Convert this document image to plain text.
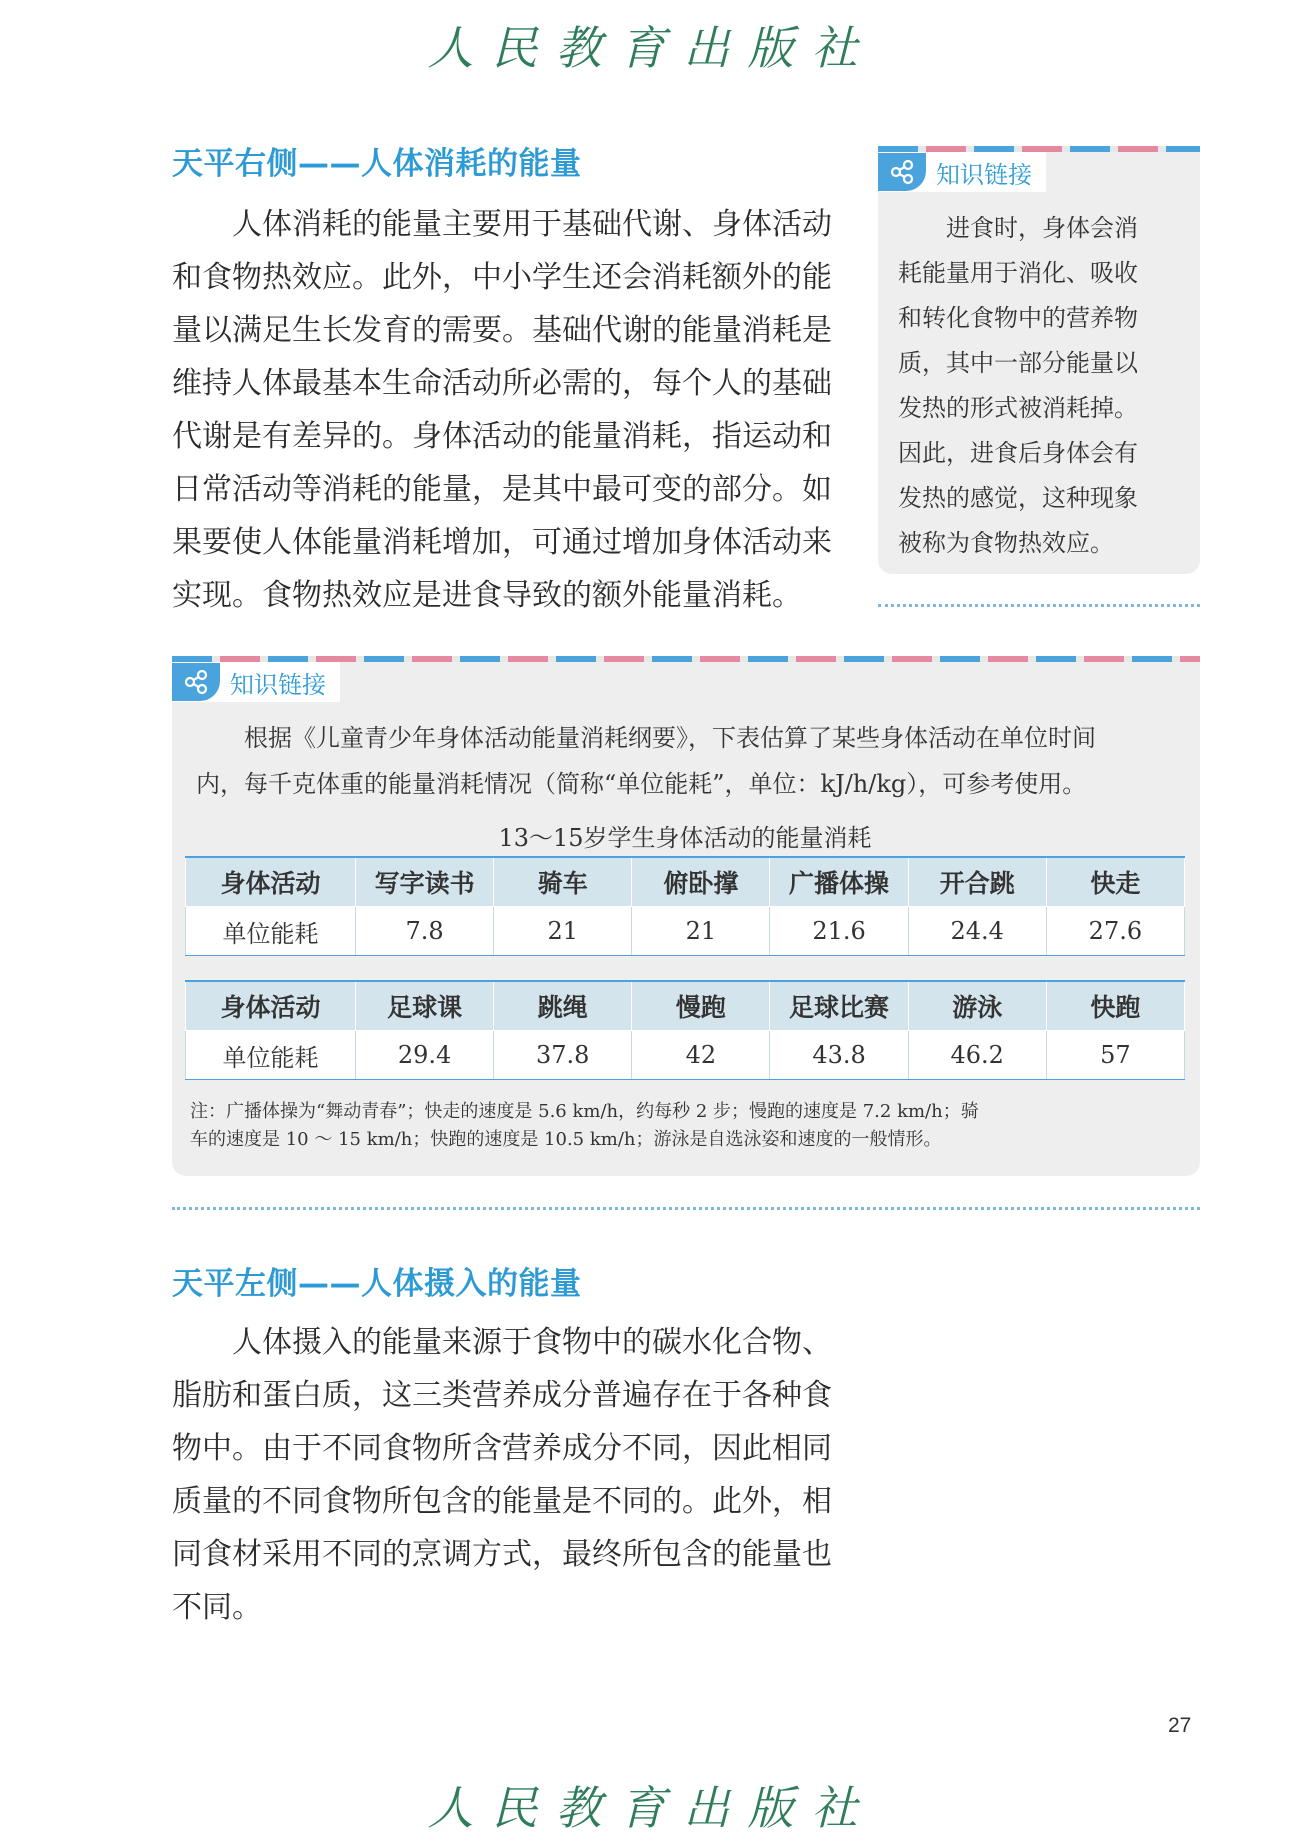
人民教育出版社
天平右侧——人体消耗的能量
　　人体消耗的能量主要用于基础代谢、身体活动
和食物热效应。此外，中小学生还会消耗额外的能
量以满足生长发育的需要。基础代谢的能量消耗是
维持人体最基本生命活动所必需的，每个人的基础
代谢是有差异的。身体活动的能量消耗，指运动和
日常活动等消耗的能量，是其中最可变的部分。如
果要使人体能量消耗增加，可通过增加身体活动来
实现。食物热效应是进食导致的额外能量消耗。
知识链接
　　进食时，身体会消
耗能量用于消化、吸收
和转化食物中的营养物
质，其中一部分能量以
发热的形式被消耗掉。
因此，进食后身体会有
发热的感觉，这种现象
被称为食物热效应。
知识链接
　　根据《儿童青少年身体活动能量消耗纲要》，下表估算了某些身体活动在单位时间
内，每千克体重的能量消耗情况（简称“单位能耗”，单位：kJ/h/kg），可参考使用。
13～15岁学生身体活动的能量消耗
身体活动	写字读书	骑车	俯卧撑	广播体操	开合跳	快走
单位能耗	7.8	21	21	21.6	24.4	27.6
身体活动	足球课	跳绳	慢跑	足球比赛	游泳	快跑
单位能耗	29.4	37.8	42	43.8	46.2	57
注：广播体操为“舞动青春”；快走的速度是 5.6 km/h，约每秒 2 步；慢跑的速度是 7.2 km/h；骑
车的速度是 10 ～ 15 km/h；快跑的速度是 10.5 km/h；游泳是自选泳姿和速度的一般情形。
天平左侧——人体摄入的能量
　　人体摄入的能量来源于食物中的碳水化合物、
脂肪和蛋白质，这三类营养成分普遍存在于各种食
物中。由于不同食物所含营养成分不同，因此相同
质量的不同食物所包含的能量是不同的。此外，相
同食材采用不同的烹调方式，最终所包含的能量也
不同。
27
人民教育出版社
